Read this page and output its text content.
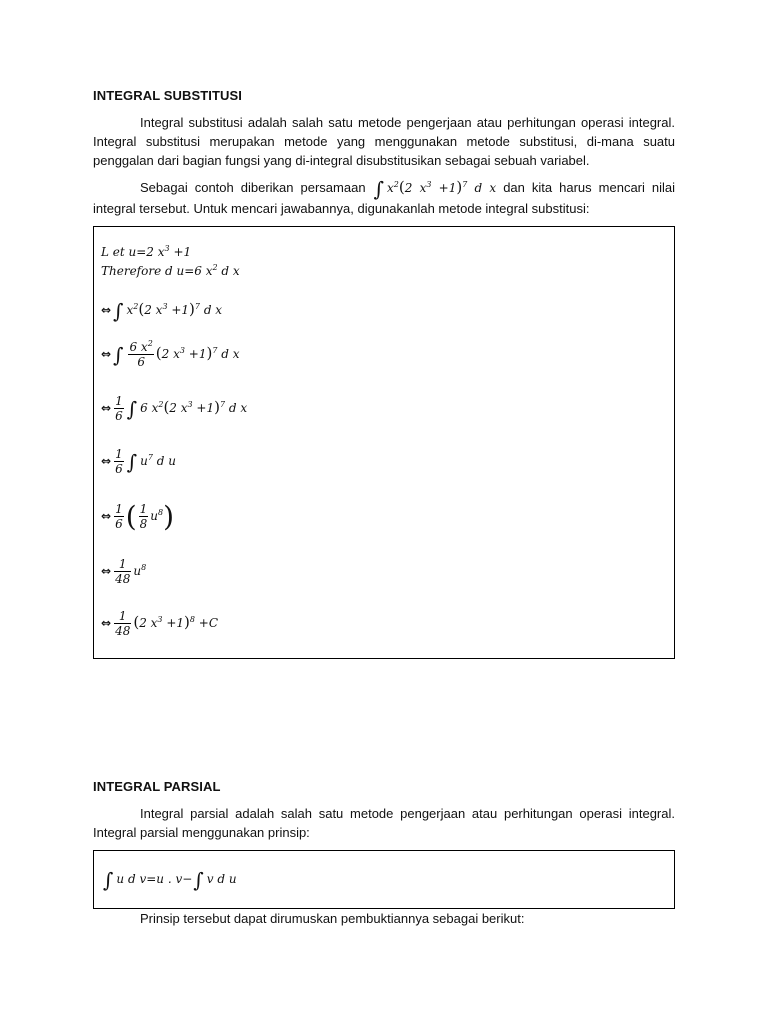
INTEGRAL SUBSTITUSI

Integral substitusi adalah salah satu metode pengerjaan atau perhitungan operasi integral. Integral substitusi merupakan metode yang menggunakan metode substitusi, di-mana suatu penggalan dari bagian fungsi yang di-integral disubstitusikan sebagai sebuah variabel.

Sebagai contoh diberikan persamaan ∫ $x^2(2$ $x^3 +1)^7$ d x dan kita harus mencari nilai integral tersebut. Untuk mencari jawabannya, digunakanlah metode integral substitusi:

L et u=2 $x^3 +1$
Therefore d u=6 $x^2$ d x
⇔ ∫ $x^2(2$ $x^3 +1)^7$ d x
⇔ ∫ $\frac{6 x^2}{6} (2$ $x^3 +1)^7$ d x
⇔ $\frac{1}{6}$ ∫ 6 $x^2(2$ $x^3 +1)^7$ d x
⇔ $\frac{1}{6}$ ∫ $u^7$ d u
⇔ $\frac{1}{6}$ ( $\frac{1}{8} u^8$)
⇔ $\frac{1}{48} u^8$
⇔ $\frac{1}{48} (2$ $x^3 +1)^8 +C$
INTEGRAL PARSIAL

Integral parsial adalah salah satu metode pengerjaan atau perhitungan operasi integral. Integral parsial menggunakan prinsip:

∫ u d v=u . v−∫ v d u
Prinsip tersebut dapat dirumuskan pembuktiannya sebagai berikut:
